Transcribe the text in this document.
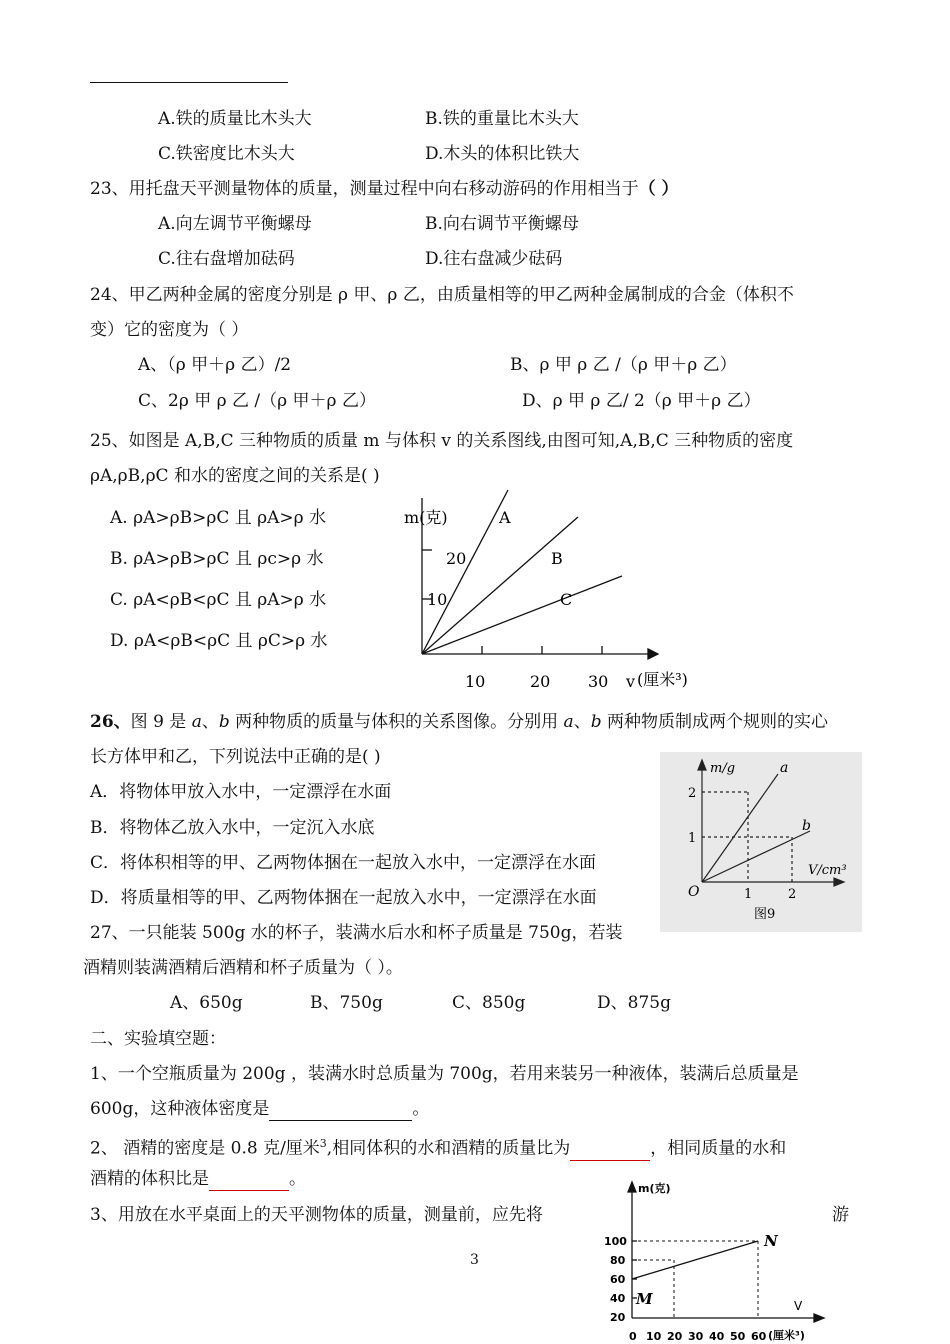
A.铁的质量比木头大	B.铁的重量比木头大
C.铁密度比木头大	D.木头的体积比铁大
23、用托盘天平测量物体的质量，测量过程中向右移动游码的作用相当于（ ）
A.向左调节平衡螺母	B.向右调节平衡螺母
C.往右盘增加砝码	D.往右盘减少砝码
24、甲乙两种金属的密度分别是 ρ 甲、ρ 乙，由质量相等的甲乙两种金属制成的合金（体积不
变）它的密度为（ ）
A、（ρ 甲＋ρ 乙）/2	B、ρ 甲 ρ 乙 /（ρ 甲＋ρ 乙）
C、2ρ 甲 ρ 乙 /（ρ 甲＋ρ 乙）	D、ρ 甲 ρ 乙/ 2（ρ 甲＋ρ 乙）
25、如图是 A,B,C 三种物质的质量 m 与体积 v 的关系图线,由图可知,A,B,C 三种物质的密度
ρA,ρB,ρC 和水的密度之间的关系是( )
A. ρA>ρB>ρC 且 ρA>ρ 水
B. ρA>ρB>ρC 且 ρc>ρ 水
C. ρA<ρB<ρC 且 ρA>ρ 水
D. ρA<ρB<ρC 且 ρC>ρ 水
m(克)
20
10
A
B
C
10	20 30 v (厘米³)
26、图 9 是 a、b 两种物质的质量与体积的关系图像。分别用 a、b 两种物质制成两个规则的实心
长方体甲和乙，下列说法中正确的是( )
A．将物体甲放入水中，一定漂浮在水面
B．将物体乙放入水中，一定沉入水底
C．将体积相等的甲、乙两物体捆在一起放入水中，一定漂浮在水面
D．将质量相等的甲、乙两物体捆在一起放入水中，一定漂浮在水面
m/g	a
b
2
1
O	1	2
V/cm³
图9
27、一只能装 500g 水的杯子，装满水后水和杯子质量是 750g，若装
酒精则装满酒精后酒精和杯子质量为（ ）。
A、650g	B、750g	C、850g	D、875g
二、实验填空题：
1、一个空瓶质量为 200g ，装满水时总质量为 700g，若用来装另一种液体，装满后总质量是
600g，这种液体密度是	。
2、 酒精的密度是 0.8 克/厘米$^3$,相同体积的水和酒精的质量比为	，相同质量的水和
酒精的体积比是	。
3、用放在水平桌面上的天平测物体的质量，测量前，应先将	游
3
m(克)
100
80
60
40
20
N
M	V
0 10 20 30 40 50 60 (厘米³)
